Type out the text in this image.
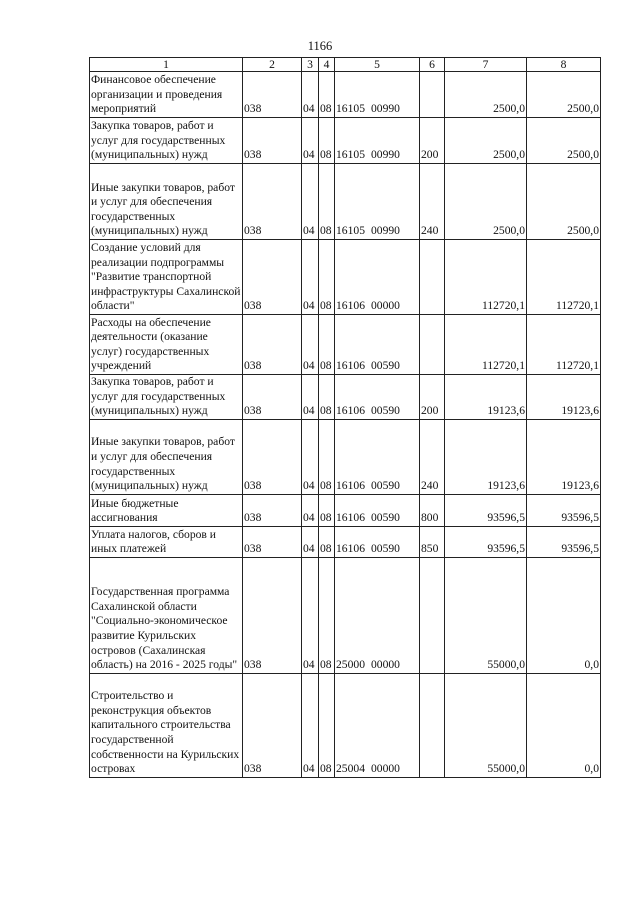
1166
1	2	3	4	5	6	7	8
Финансовое обеспечение организации и проведения мероприятий	038	04	08	16105 00990		2500,0	2500,0
Закупка товаров, работ и услуг для государственных (муниципальных) нужд	038	04	08	16105 00990	200	2500,0	2500,0
Иные закупки товаров, работ и услуг для обеспечения государственных (муниципальных) нужд	038	04	08	16105 00990	240	2500,0	2500,0
Создание условий для реализации подпрограммы "Развитие транспортной инфраструктуры Сахалинской области"	038	04	08	16106 00000		112720,1	112720,1
Расходы на обеспечение деятельности (оказание услуг) государственных учреждений	038	04	08	16106 00590		112720,1	112720,1
Закупка товаров, работ и услуг для государственных (муниципальных) нужд	038	04	08	16106 00590	200	19123,6	19123,6
Иные закупки товаров, работ и услуг для обеспечения государственных (муниципальных) нужд	038	04	08	16106 00590	240	19123,6	19123,6
Иные бюджетные ассигнования	038	04	08	16106 00590	800	93596,5	93596,5
Уплата налогов, сборов и иных платежей	038	04	08	16106 00590	850	93596,5	93596,5
Государственная программа Сахалинской области "Социально-экономическое развитие Курильских островов (Сахалинская область) на 2016 - 2025 годы"	038	04	08	25000 00000		55000,0	0,0
Строительство и реконструкция объектов капитального строительства государственной собственности на Курильских островах	038	04	08	25004 00000		55000,0	0,0
